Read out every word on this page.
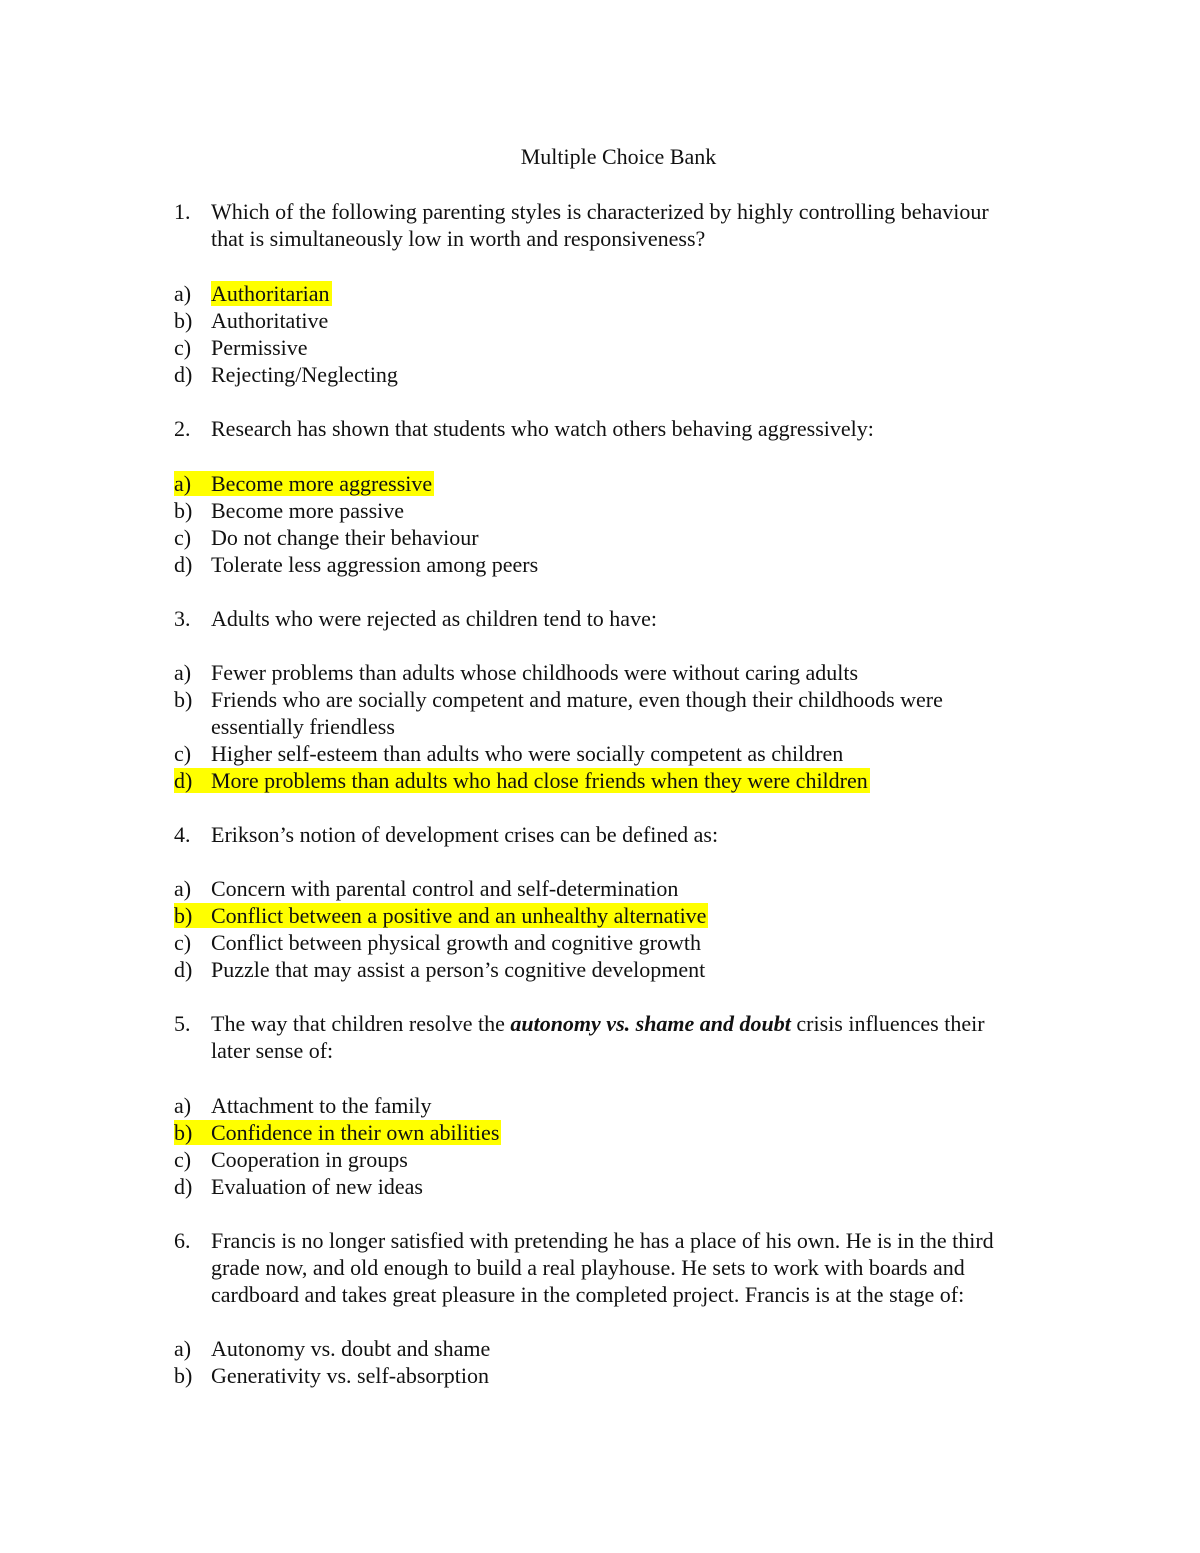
Multiple Choice Bank
1. Which of the following parenting styles is characterized by highly controlling behaviour
that is simultaneously low in worth and responsiveness?
a) Authoritarian
b) Authoritative
c) Permissive
d) Rejecting/Neglecting
2. Research has shown that students who watch others behaving aggressively:
a) Become more aggressive
b) Become more passive
c) Do not change their behaviour
d) Tolerate less aggression among peers
3. Adults who were rejected as children tend to have:
a) Fewer problems than adults whose childhoods were without caring adults
b) Friends who are socially competent and mature, even though their childhoods were
essentially friendless
c) Higher self-esteem than adults who were socially competent as children
d) More problems than adults who had close friends when they were children
4. Erikson’s notion of development crises can be defined as:
a) Concern with parental control and self-determination
b) Conflict between a positive and an unhealthy alternative
c) Conflict between physical growth and cognitive growth
d) Puzzle that may assist a person’s cognitive development
5. The way that children resolve the autonomy vs. shame and doubt crisis influences their
later sense of:
a) Attachment to the family
b) Confidence in their own abilities
c) Cooperation in groups
d) Evaluation of new ideas
6. Francis is no longer satisfied with pretending he has a place of his own. He is in the third
grade now, and old enough to build a real playhouse. He sets to work with boards and
cardboard and takes great pleasure in the completed project. Francis is at the stage of:
a) Autonomy vs. doubt and shame
b) Generativity vs. self-absorption
